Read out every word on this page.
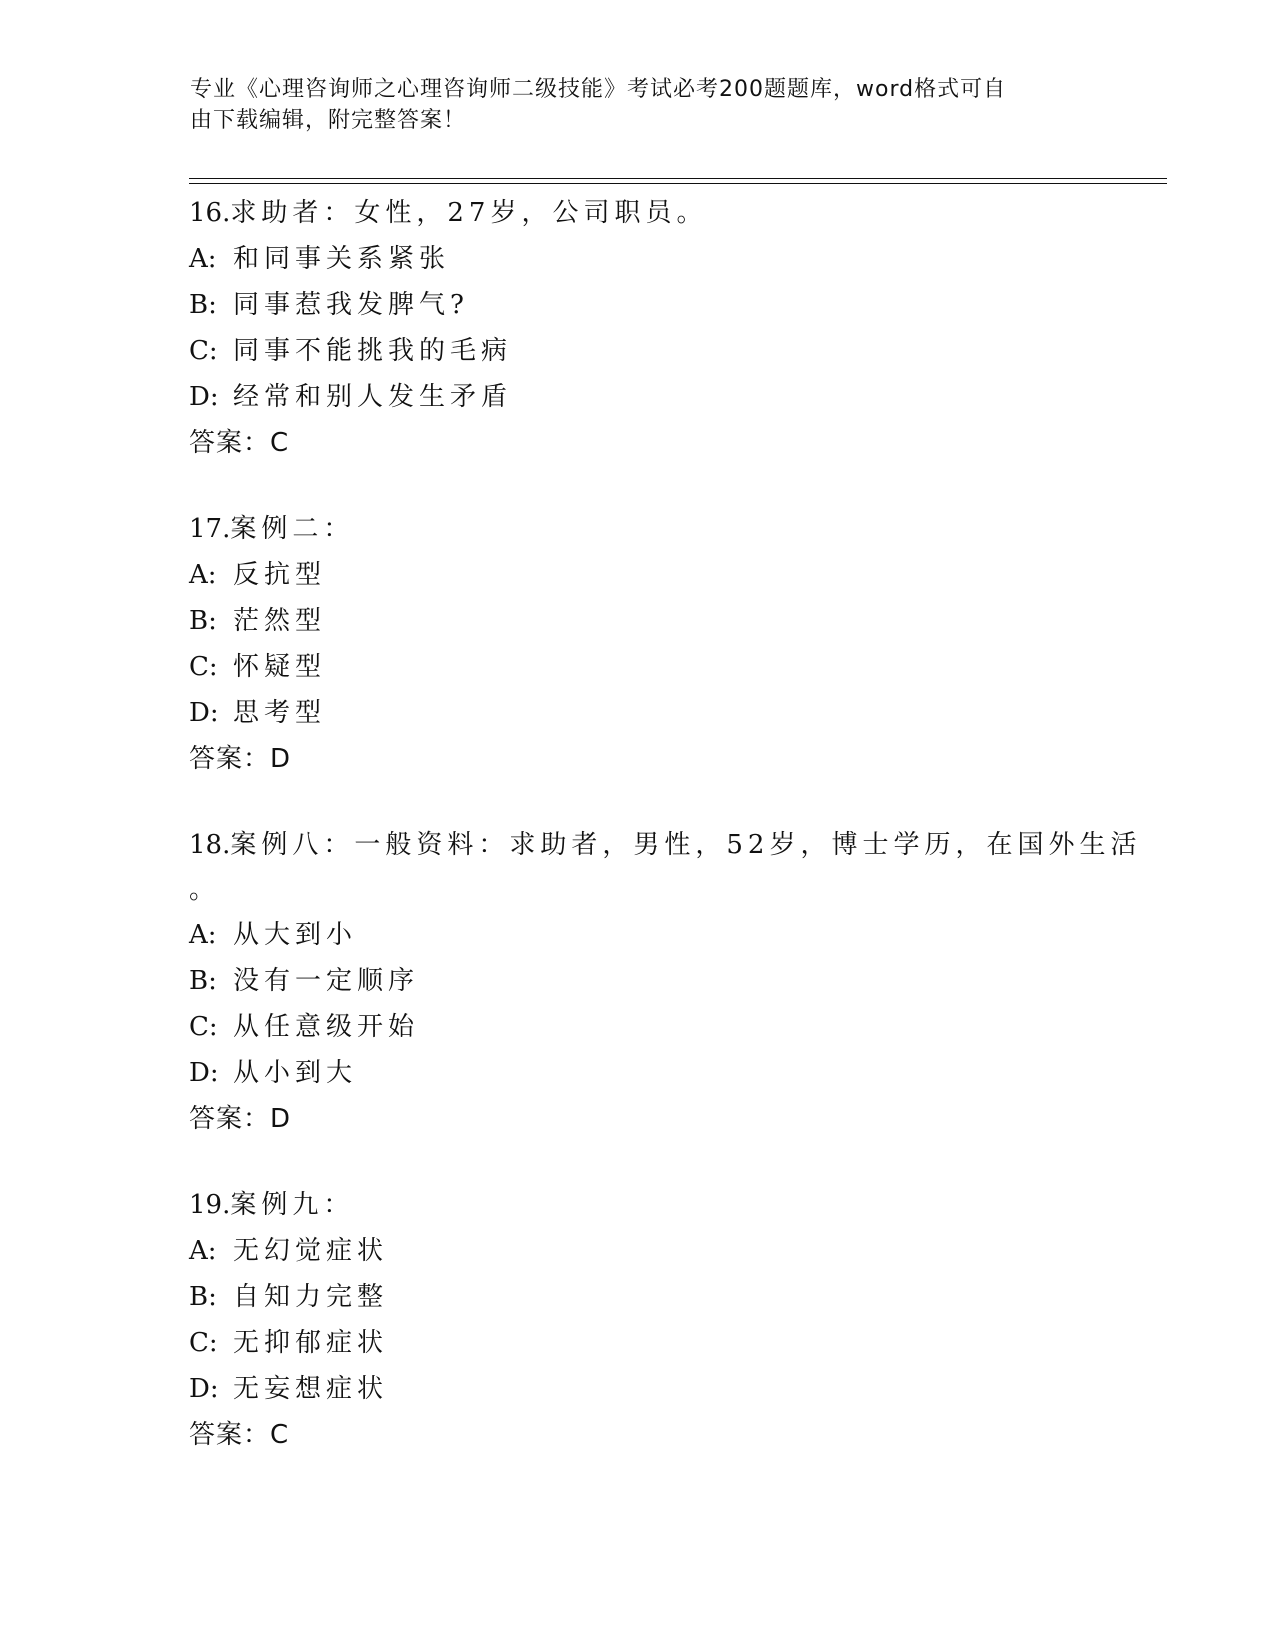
专业《心理咨询师之心理咨询师二级技能》考试必考200题题库，word格式可自
由下载编辑，附完整答案！

16. 求助者：女性，27岁，公司职员。
A: 和同事关系紧张
B: 同事惹我发脾气?
C: 同事不能挑我的毛病
D: 经常和别人发生矛盾
答案：C
17. 案例二：
A: 反抗型
B: 茫然型
C: 怀疑型
D: 思考型
答案：D
18. 案例八：一般资料：求助者，男性，52岁，博士学历，在国外生活
。
A: 从大到小
B: 没有一定顺序
C: 从任意级开始
D: 从小到大
答案：D
19. 案例九：
A: 无幻觉症状
B: 自知力完整
C: 无抑郁症状
D: 无妄想症状
答案：C
